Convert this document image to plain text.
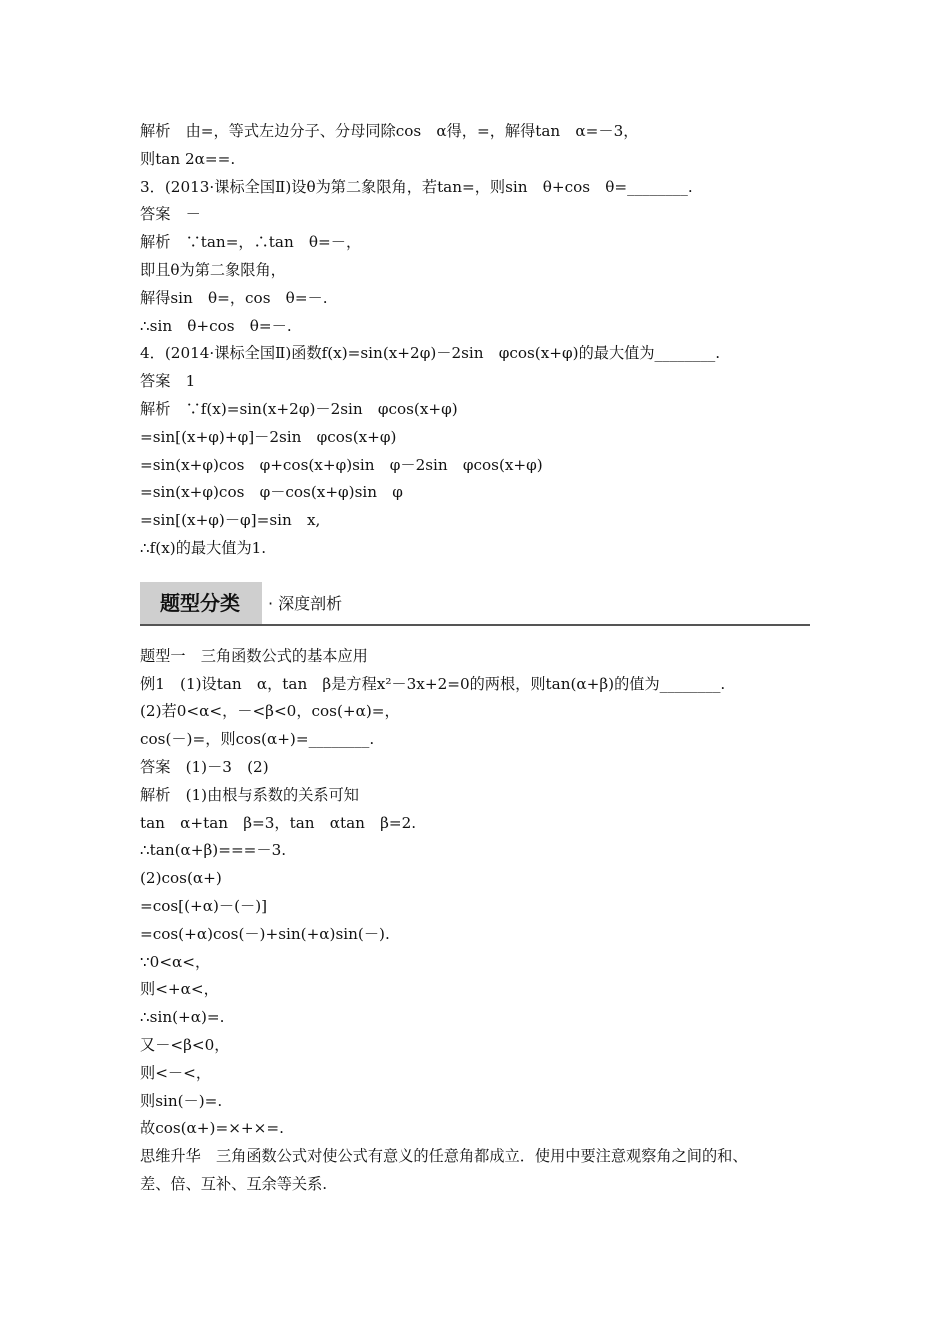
解析　由=，等式左边分子、分母同除cos　α得，=，解得tan　α=－3，
则tan 2α==.
3．(2013·课标全国Ⅱ)设θ为第二象限角，若tan=，则sin　θ+cos　θ=________.
答案　－
解析　∵tan=，∴tan　θ=－，
即且θ为第二象限角，
解得sin　θ=，cos　θ=－.
∴sin　θ+cos　θ=－.
4．(2014·课标全国Ⅱ)函数f(x)=sin(x+2φ)－2sin　φcos(x+φ)的最大值为________.
答案　1
解析　∵f(x)=sin(x+2φ)－2sin　φcos(x+φ)
=sin[(x+φ)+φ]－2sin　φcos(x+φ)
=sin(x+φ)cos　φ+cos(x+φ)sin　φ－2sin　φcos(x+φ)
=sin(x+φ)cos　φ－cos(x+φ)sin　φ
=sin[(x+φ)－φ]=sin　x,
∴f(x)的最大值为1.
题型分类 · 深度剖析
题型一　三角函数公式的基本应用
例1　(1)设tan　α，tan　β是方程x²－3x+2=0的两根，则tan(α+β)的值为________.
(2)若0<α<，－<β<0，cos(+α)=，
cos(－)=，则cos(α+)=________.
答案　(1)－3　(2)
解析　(1)由根与系数的关系可知
tan　α+tan　β=3，tan　αtan　β=2.
∴tan(α+β)===－3.
(2)cos(α+)
=cos[(+α)－(－)]
=cos(+α)cos(－)+sin(+α)sin(－).
∵0<α<，
则<+α<，
∴sin(+α)=.
又－<β<0，
则<－<，
则sin(－)=.
故cos(α+)=×+×=.
思维升华　三角函数公式对使公式有意义的任意角都成立．使用中要注意观察角之间的和、
差、倍、互补、互余等关系.
